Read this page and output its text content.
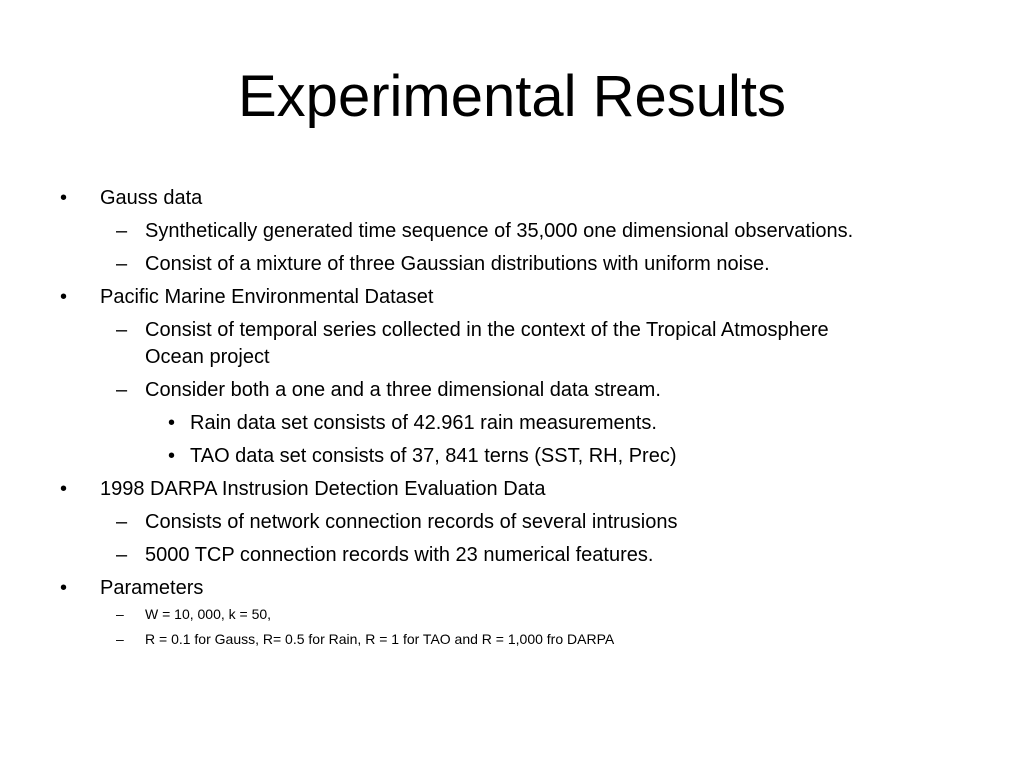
Experimental Results
• Gauss data
– Synthetically generated time sequence of 35,000 one dimensional observations.
– Consist of a mixture of three Gaussian distributions with uniform noise.
• Pacific Marine Environmental Dataset
– Consist of temporal series collected in the context of the Tropical Atmosphere
Ocean project
– Consider both a one and a three dimensional data stream.
• Rain data set consists of 42.961 rain measurements.
• TAO data set consists of 37, 841 terns (SST, RH, Prec)
• 1998 DARPA Instrusion Detection Evaluation Data
– Consists of network connection records of several intrusions
– 5000 TCP connection records with 23 numerical features.
• Parameters
– W = 10, 000, k = 50,
– R = 0.1 for Gauss, R= 0.5 for Rain, R = 1 for TAO and R = 1,000 fro DARPA
